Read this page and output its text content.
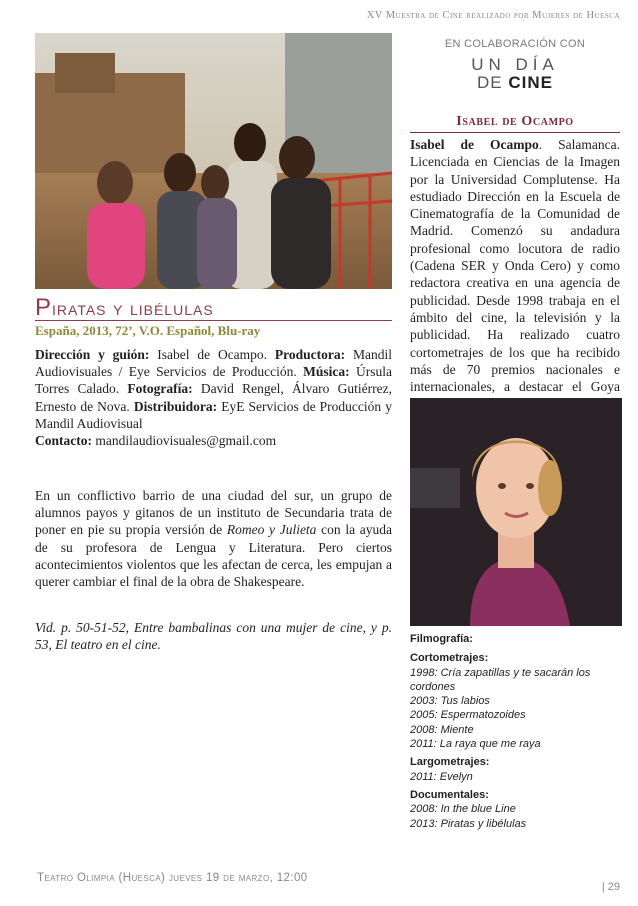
XV Muestra de Cine realizado por Mujeres de Huesca
EN COLABORACIÓN CON
UN DÍA
DE CINE
Isabel de Ocampo
Isabel de Ocampo. Salamanca. Licenciada en Ciencias de la Imagen por la Universidad Complutense. Ha estudiado Dirección en la Escuela de Cinematografía de la Comunidad de Madrid. Comenzó su andadura profesional como locutora de radio (Cadena SER y Onda Cero) y como redactora creativa en una agencia de publicidad. Desde 1998 trabaja en el ámbito del cine, la televisión y la publicidad. Ha realizado cuatro cortometrajes de los que ha recibido más de 70 premios nacionales e internacionales, a destacar el Goya
Filmografía:
Cortometrajes:
1998: Cría zapatillas y te sacarán los cordones
2003: Tus labios
2005: Espermatozoides
2008: Miente
2011: La raya que me raya
Largometrajes:
2011: Evelyn
Documentales:
2008: In the blue Line
2013: Piratas y libélulas
Piratas y libélulas
España, 2013, 72’, V.O. Español, Blu-ray
Dirección y guión: Isabel de Ocampo. Productora: Mandil Audiovisuales / Eye Servicios de Producción. Música: Úrsula Torres Calado. Fotografía: David Rengel, Álvaro Gutiérrez, Ernesto de Nova. Distribuidora: EyE Servicios de Producción y Mandil Audiovisual
Contacto: mandilaudiovisuales@gmail.com
En un conflictivo barrio de una ciudad del sur, un grupo de alumnos payos y gitanos de un instituto de Secundaria trata de poner en pie su propia versión de Romeo y Julieta con la ayuda de su profesora de Lengua y Literatura. Pero ciertos acontecimientos violentos que les afectan de cerca, les empujan a querer cambiar el final de la obra de Shakespeare.
Vid. p. 50-51-52, Entre bambalinas con una mujer de cine, y p. 53, El teatro en el cine.
Teatro Olimpia (Huesca) jueves 19 de marzo, 12:00
| 29
